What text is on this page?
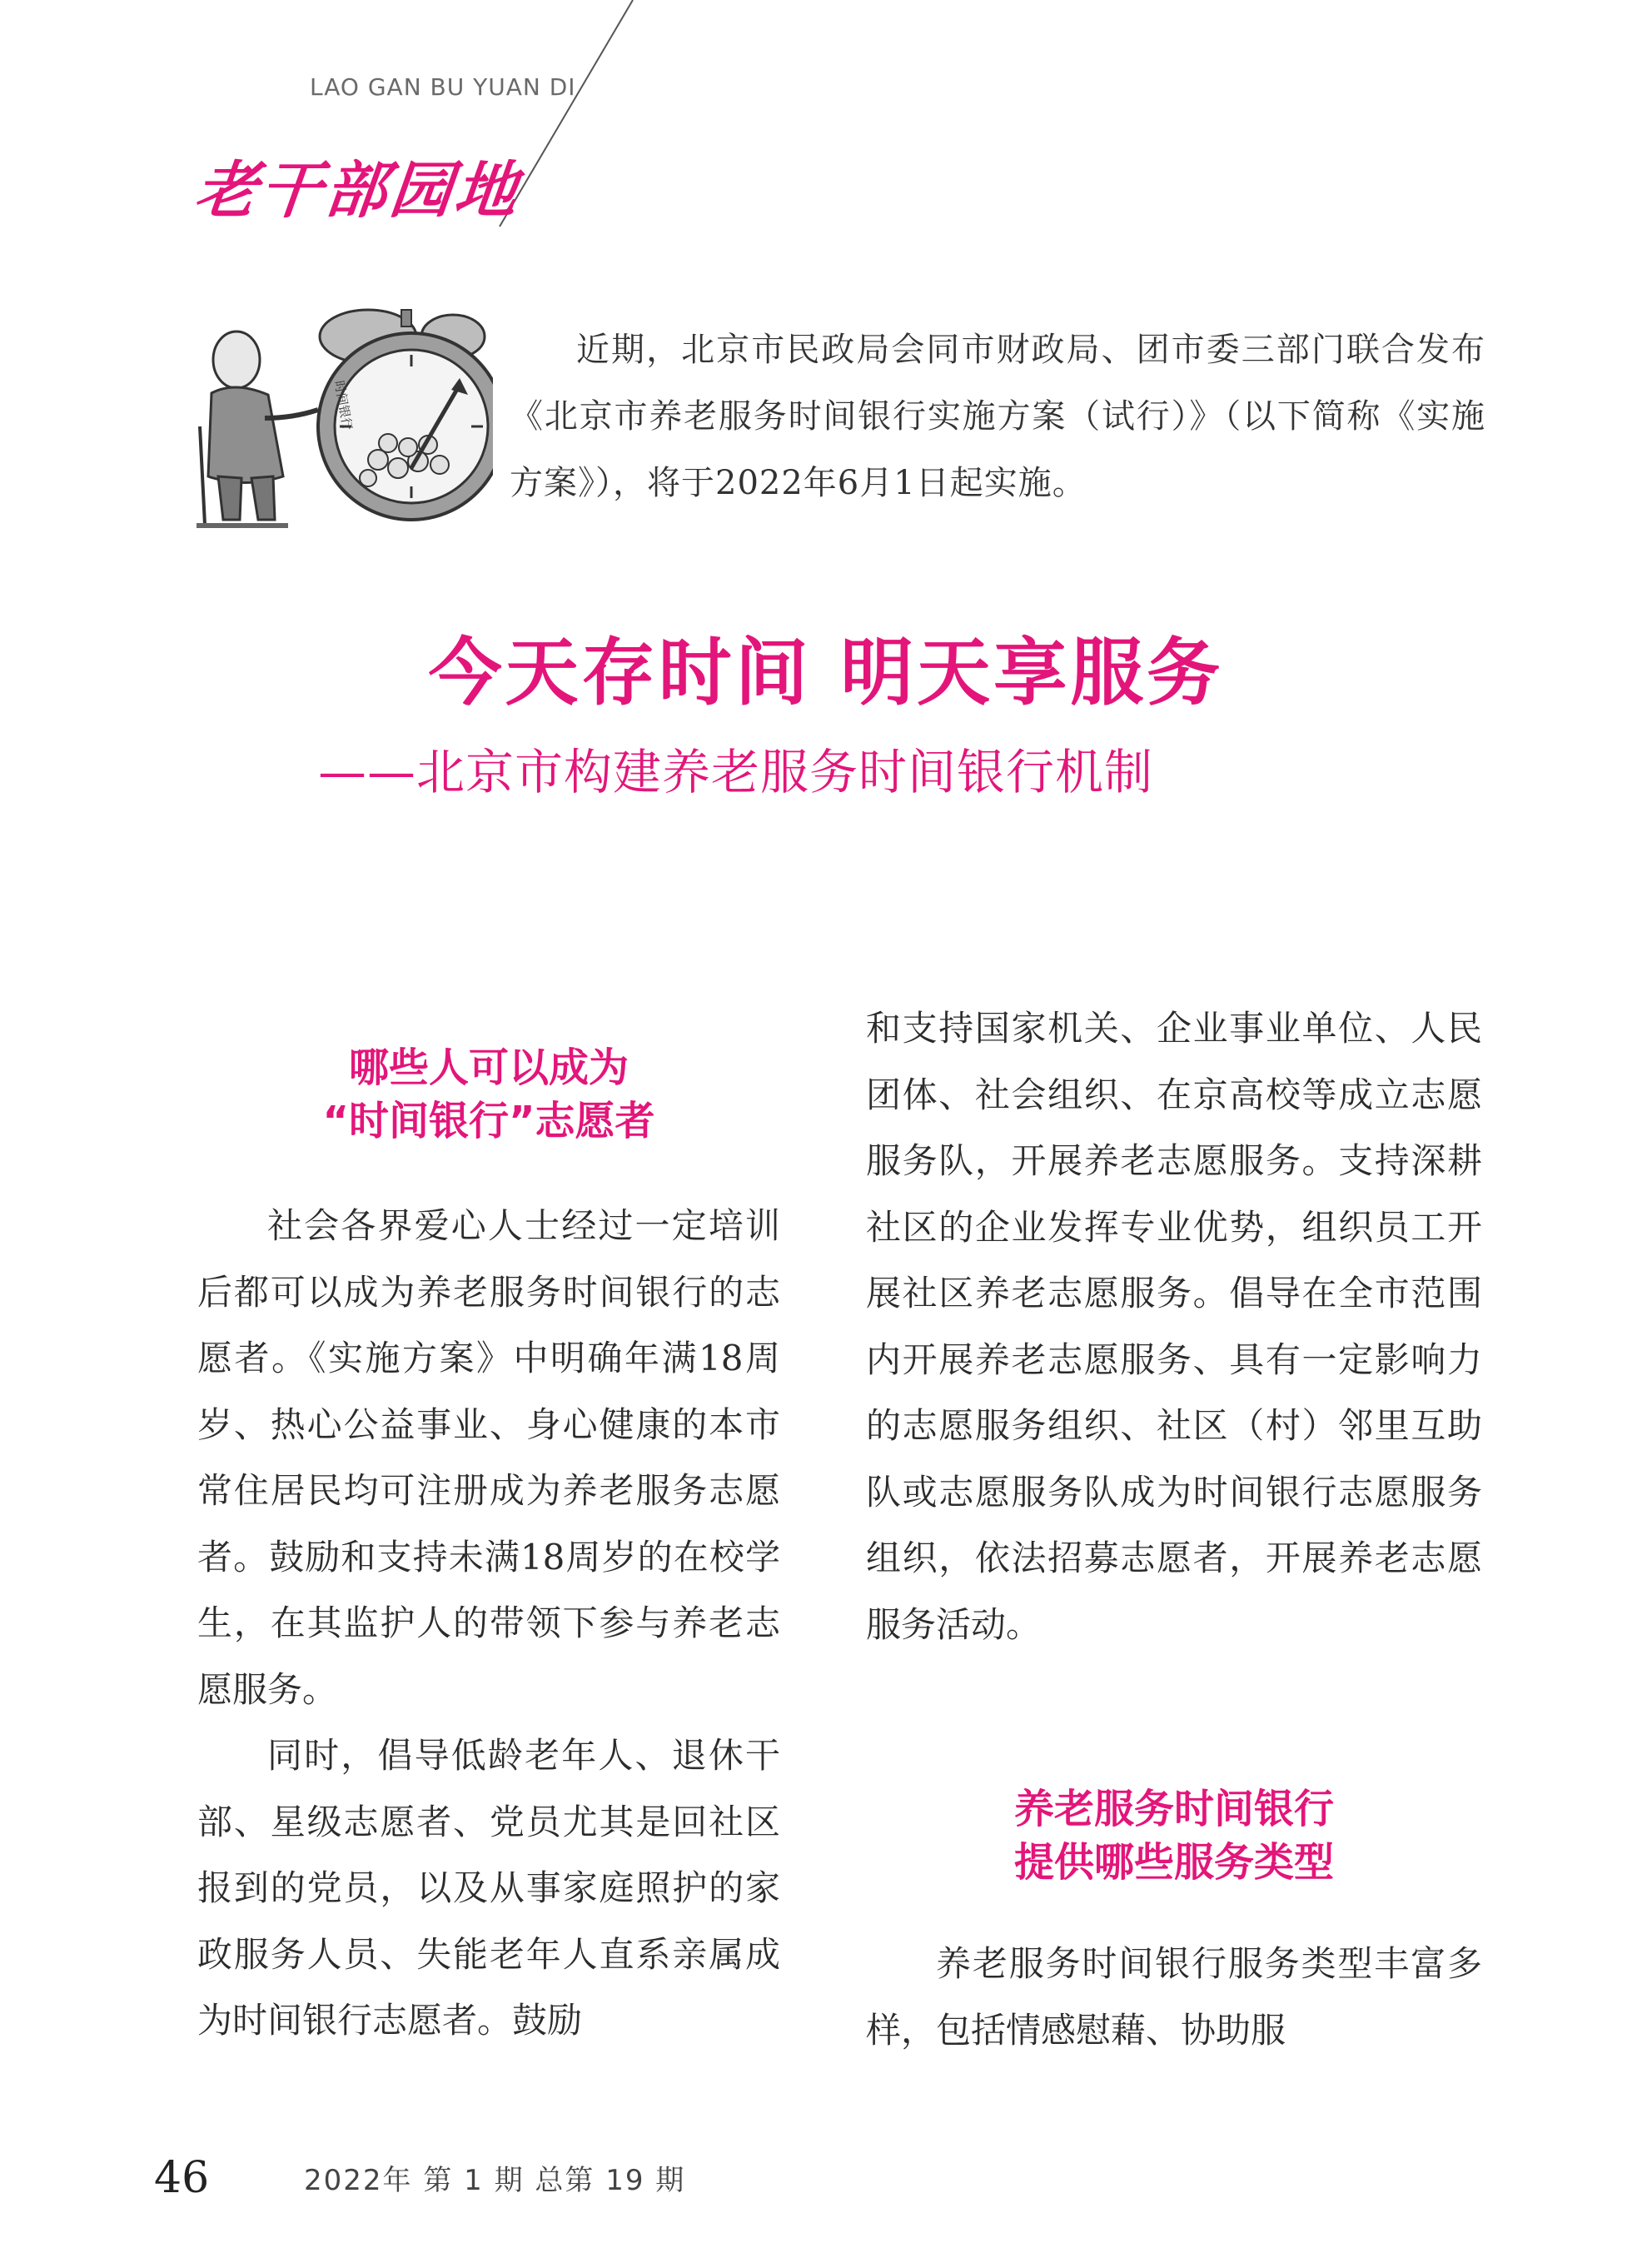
LAO GAN BU YUAN DI
老干部园地
时间银行

近期，北京市民政局会同市财政局、团市委三部门联合发布《北京市养老服务时间银行实施方案（试行）》（以下简称《实施方案》），将于2022年6月1日起实施。

今天存时间 明天享服务
——北京市构建养老服务时间银行机制
哪些人可以成为
“时间银行”志愿者

社会各界爱心人士经过一定培训后都可以成为养老服务时间银行的志愿者。《实施方案》中明确年满18周岁、热心公益事业、身心健康的本市常住居民均可注册成为养老服务志愿者。鼓励和支持未满18周岁的在校学生，在其监护人的带领下参与养老志愿服务。

同时，倡导低龄老年人、退休干部、星级志愿者、党员尤其是回社区报到的党员，以及从事家庭照护的家政服务人员、失能老年人直系亲属成为时间银行志愿者。鼓励

和支持国家机关、企业事业单位、人民团体、社会组织、在京高校等成立志愿服务队，开展养老志愿服务。支持深耕社区的企业发挥专业优势，组织员工开展社区养老志愿服务。倡导在全市范围内开展养老志愿服务、具有一定影响力的志愿服务组织、社区（村）邻里互助队或志愿服务队成为时间银行志愿服务组织，依法招募志愿者，开展养老志愿服务活动。

养老服务时间银行
提供哪些服务类型

养老服务时间银行服务类型丰富多样，包括情感慰藉、协助服

46	2022年 第 1 期 总第 19 期
